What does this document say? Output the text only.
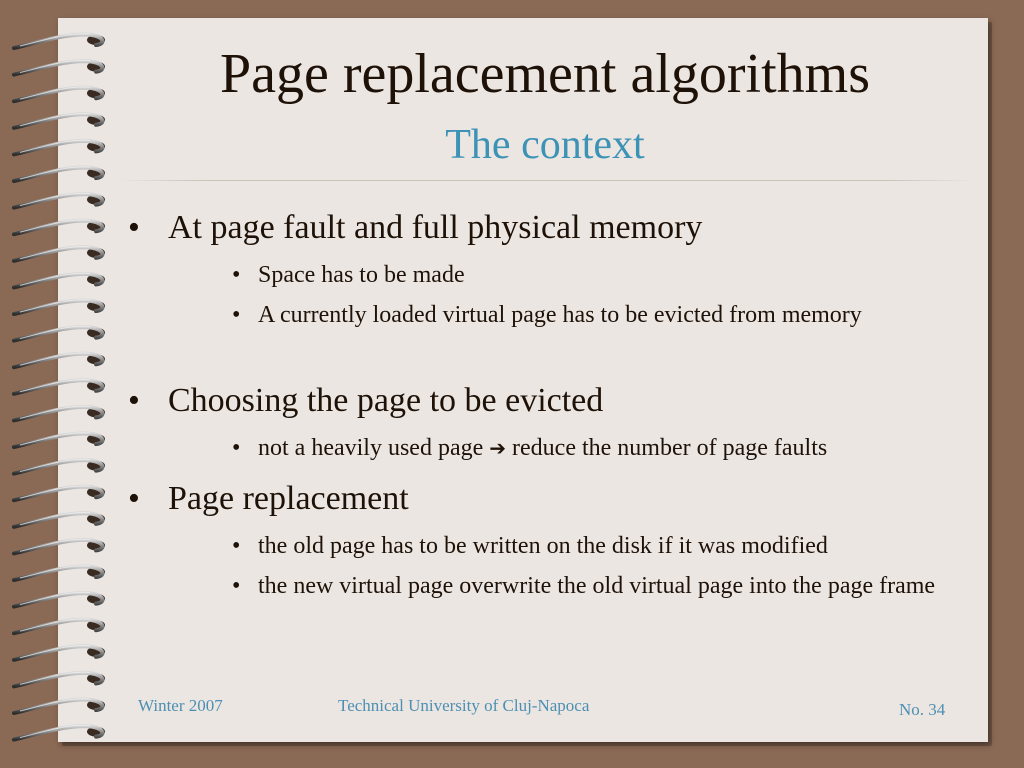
Page replacement algorithms
The context
• At page fault and full physical memory
• Space has to be made
• A currently loaded virtual page has to be evicted from memory
• Choosing the page to be evicted
• not a heavily used page ➔ reduce the number of page faults
• Page replacement
• the old page has to be written on the disk if it was modified
• the new virtual page overwrite the old virtual page into the page frame
Winter 2007	Technical University of Cluj-Napoca	No. 34
